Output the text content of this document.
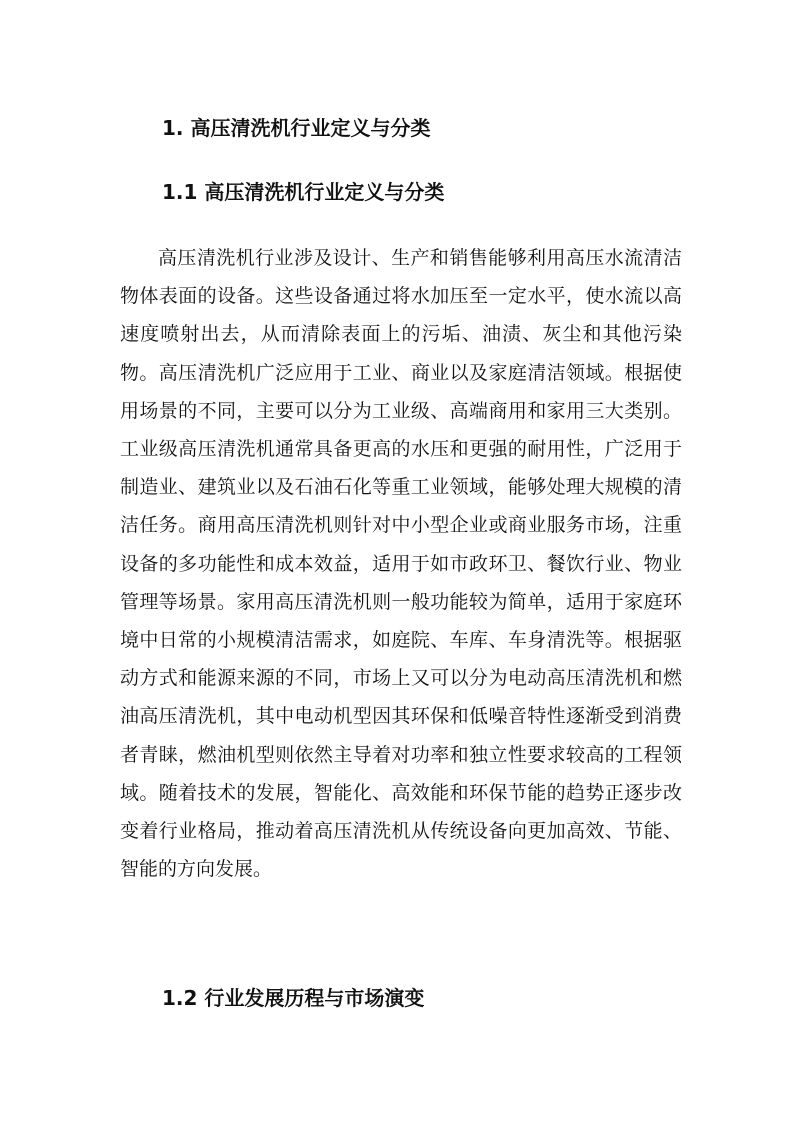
1. 高压清洗机行业定义与分类
1.1 高压清洗机行业定义与分类

高压清洗机行业涉及设计、生产和销售能够利用高压水流清洁物体表面的设备。这些设备通过将水加压至一定水平，使水流以高速度喷射出去，从而清除表面上的污垢、油渍、灰尘和其他污染物。高压清洗机广泛应用于工业、商业以及家庭清洁领域。根据使用场景的不同，主要可以分为工业级、高端商用和家用三大类别。工业级高压清洗机通常具备更高的水压和更强的耐用性，广泛用于制造业、建筑业以及石油石化等重工业领域，能够处理大规模的清洁任务。商用高压清洗机则针对中小型企业或商业服务市场，注重设备的多功能性和成本效益，适用于如市政环卫、餐饮行业、物业管理等场景。家用高压清洗机则一般功能较为简单，适用于家庭环境中日常的小规模清洁需求，如庭院、车库、车身清洗等。根据驱动方式和能源来源的不同，市场上又可以分为电动高压清洗机和燃油高压清洗机，其中电动机型因其环保和低噪音特性逐渐受到消费者青睐，燃油机型则依然主导着对功率和独立性要求较高的工程领域。随着技术的发展，智能化、高效能和环保节能的趋势正逐步改变着行业格局，推动着高压清洗机从传统设备向更加高效、节能、智能的方向发展。

1.2 行业发展历程与市场演变
